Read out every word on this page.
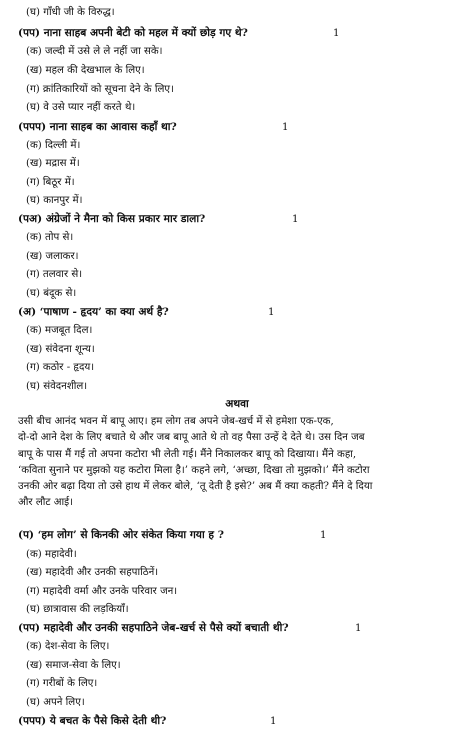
(घ) गाँधी जी के विरुद्ध।
(पप) नाना साहब अपनी बेटी को महल में क्यों छोड़ गए थे?	1
(क) जल्दी में उसे ले ले नहीं जा सके।
(ख) महल की देखभाल के लिए।
(ग) क्रांतिकारियों को सूचना देने के लिए।
(घ) वे उसे प्यार नहीं करते थे।
(पपप) नाना साहब का आवास कहाँ था?	1
(क) दिल्ली में।
(ख) मद्रास में।
(ग) बिठूर में।
(घ) कानपुर में।
(पअ) अंग्रेजों ने मैना को किस प्रकार मार डाला?	1
(क) तोप से।
(ख) जलाकर।
(ग) तलवार से।
(घ) बंदूक से।
(अ) ‘पाषाण - हृदय’ का क्या अर्थ है?	1
(क) मजबूत दिल।
(ख) संवेदना शून्य।
(ग) कठोर - हृदय।
(घ) संवेदनशील।
अथवा
उसी बीच आनंद भवन में बापू आए। हम लोग तब अपने जेब-खर्च में से हमेशा एक-एक,
दो-दो आने देश के लिए बचाते थे और जब बापू आते थे तो वह पैसा उन्हें दे देते थे। उस दिन जब
बापू के पास मैं गई तो अपना कटोरा भी लेती गई। मैंने निकालकर बापू को दिखाया। मैंने कहा,
‘कविता सुनाने पर मुझको यह कटोरा मिला है।’ कहने लगे, ‘अच्छा, दिखा तो मुझको।’ मैंने कटोरा
उनकी ओर बढ़ा दिया तो उसे हाथ में लेकर बोले, ‘तू देती है इसे?’ अब मैं क्या कहती? मैंने दे दिया
और लौट आई।
(प) ‘हम लोग’ से किनकी ओर संकेत किया गया ह ?	1
(क) महादेवी।
(ख) महादेवी और उनकी सहपाठिनें।
(ग) महादेवी वर्मा और उनके परिवार जन।
(घ) छात्रावास की लड़कियाँ।
(पप) महादेवी और उनकी सहपाठिने जेब-खर्च से पैसे क्यों बचाती थी?	1
(क) देश-सेवा के लिए।
(ख) समाज-सेवा के लिए।
(ग) गरीबों के लिए।
(घ) अपने लिए।
(पपप) ये बचत के पैसे किसे देती थी?	1
